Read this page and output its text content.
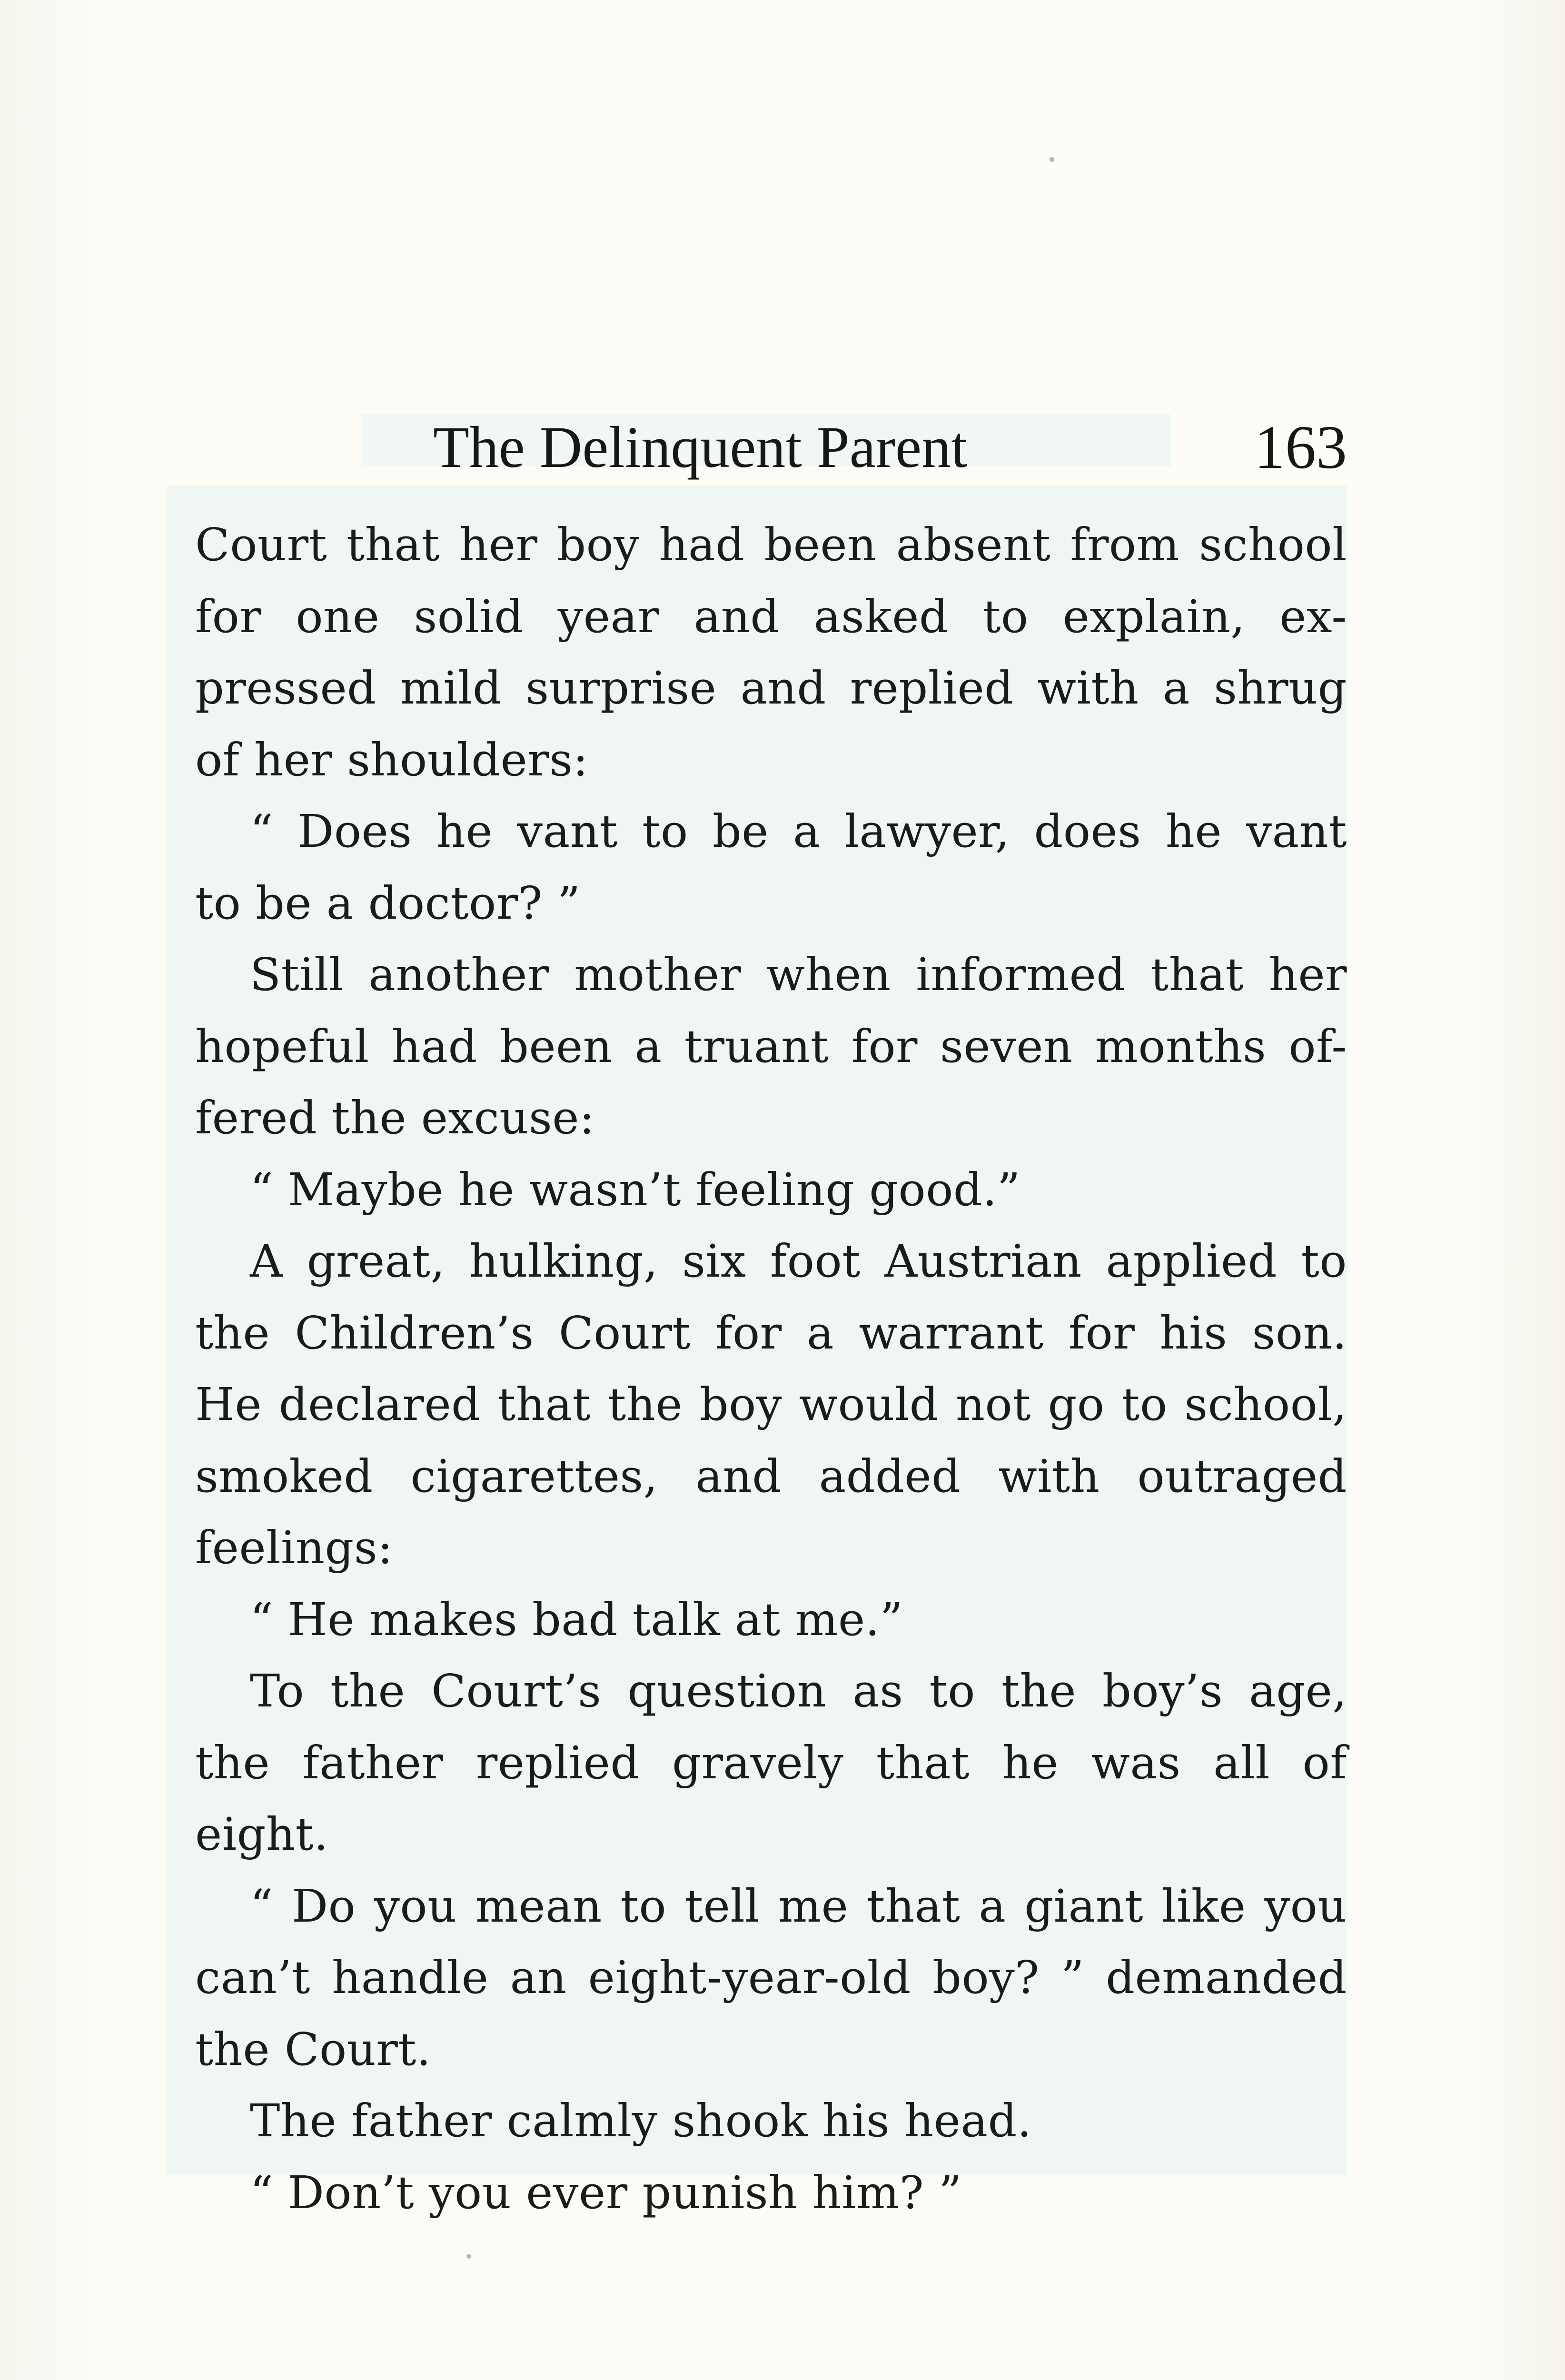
The Delinquent Parent	163
Court that her boy had been absent from school
for one solid year and asked to explain, ex-
pressed mild surprise and replied with a shrug
of her shoulders:
“ Does he vant to be a lawyer, does he vant
to be a doctor? ”
Still another mother when informed that her
hopeful had been a truant for seven months of-
fered the excuse:
“ Maybe he wasn’t feeling good.”
A great, hulking, six foot Austrian applied to
the Children’s Court for a warrant for his son.
He declared that the boy would not go to school,
smoked cigarettes, and added with outraged
feelings:
“ He makes bad talk at me.”
To the Court’s question as to the boy’s age,
the father replied gravely that he was all of
eight.
“ Do you mean to tell me that a giant like you
can’t handle an eight-year-old boy? ” demanded
the Court.
The father calmly shook his head.
“ Don’t you ever punish him? ”
